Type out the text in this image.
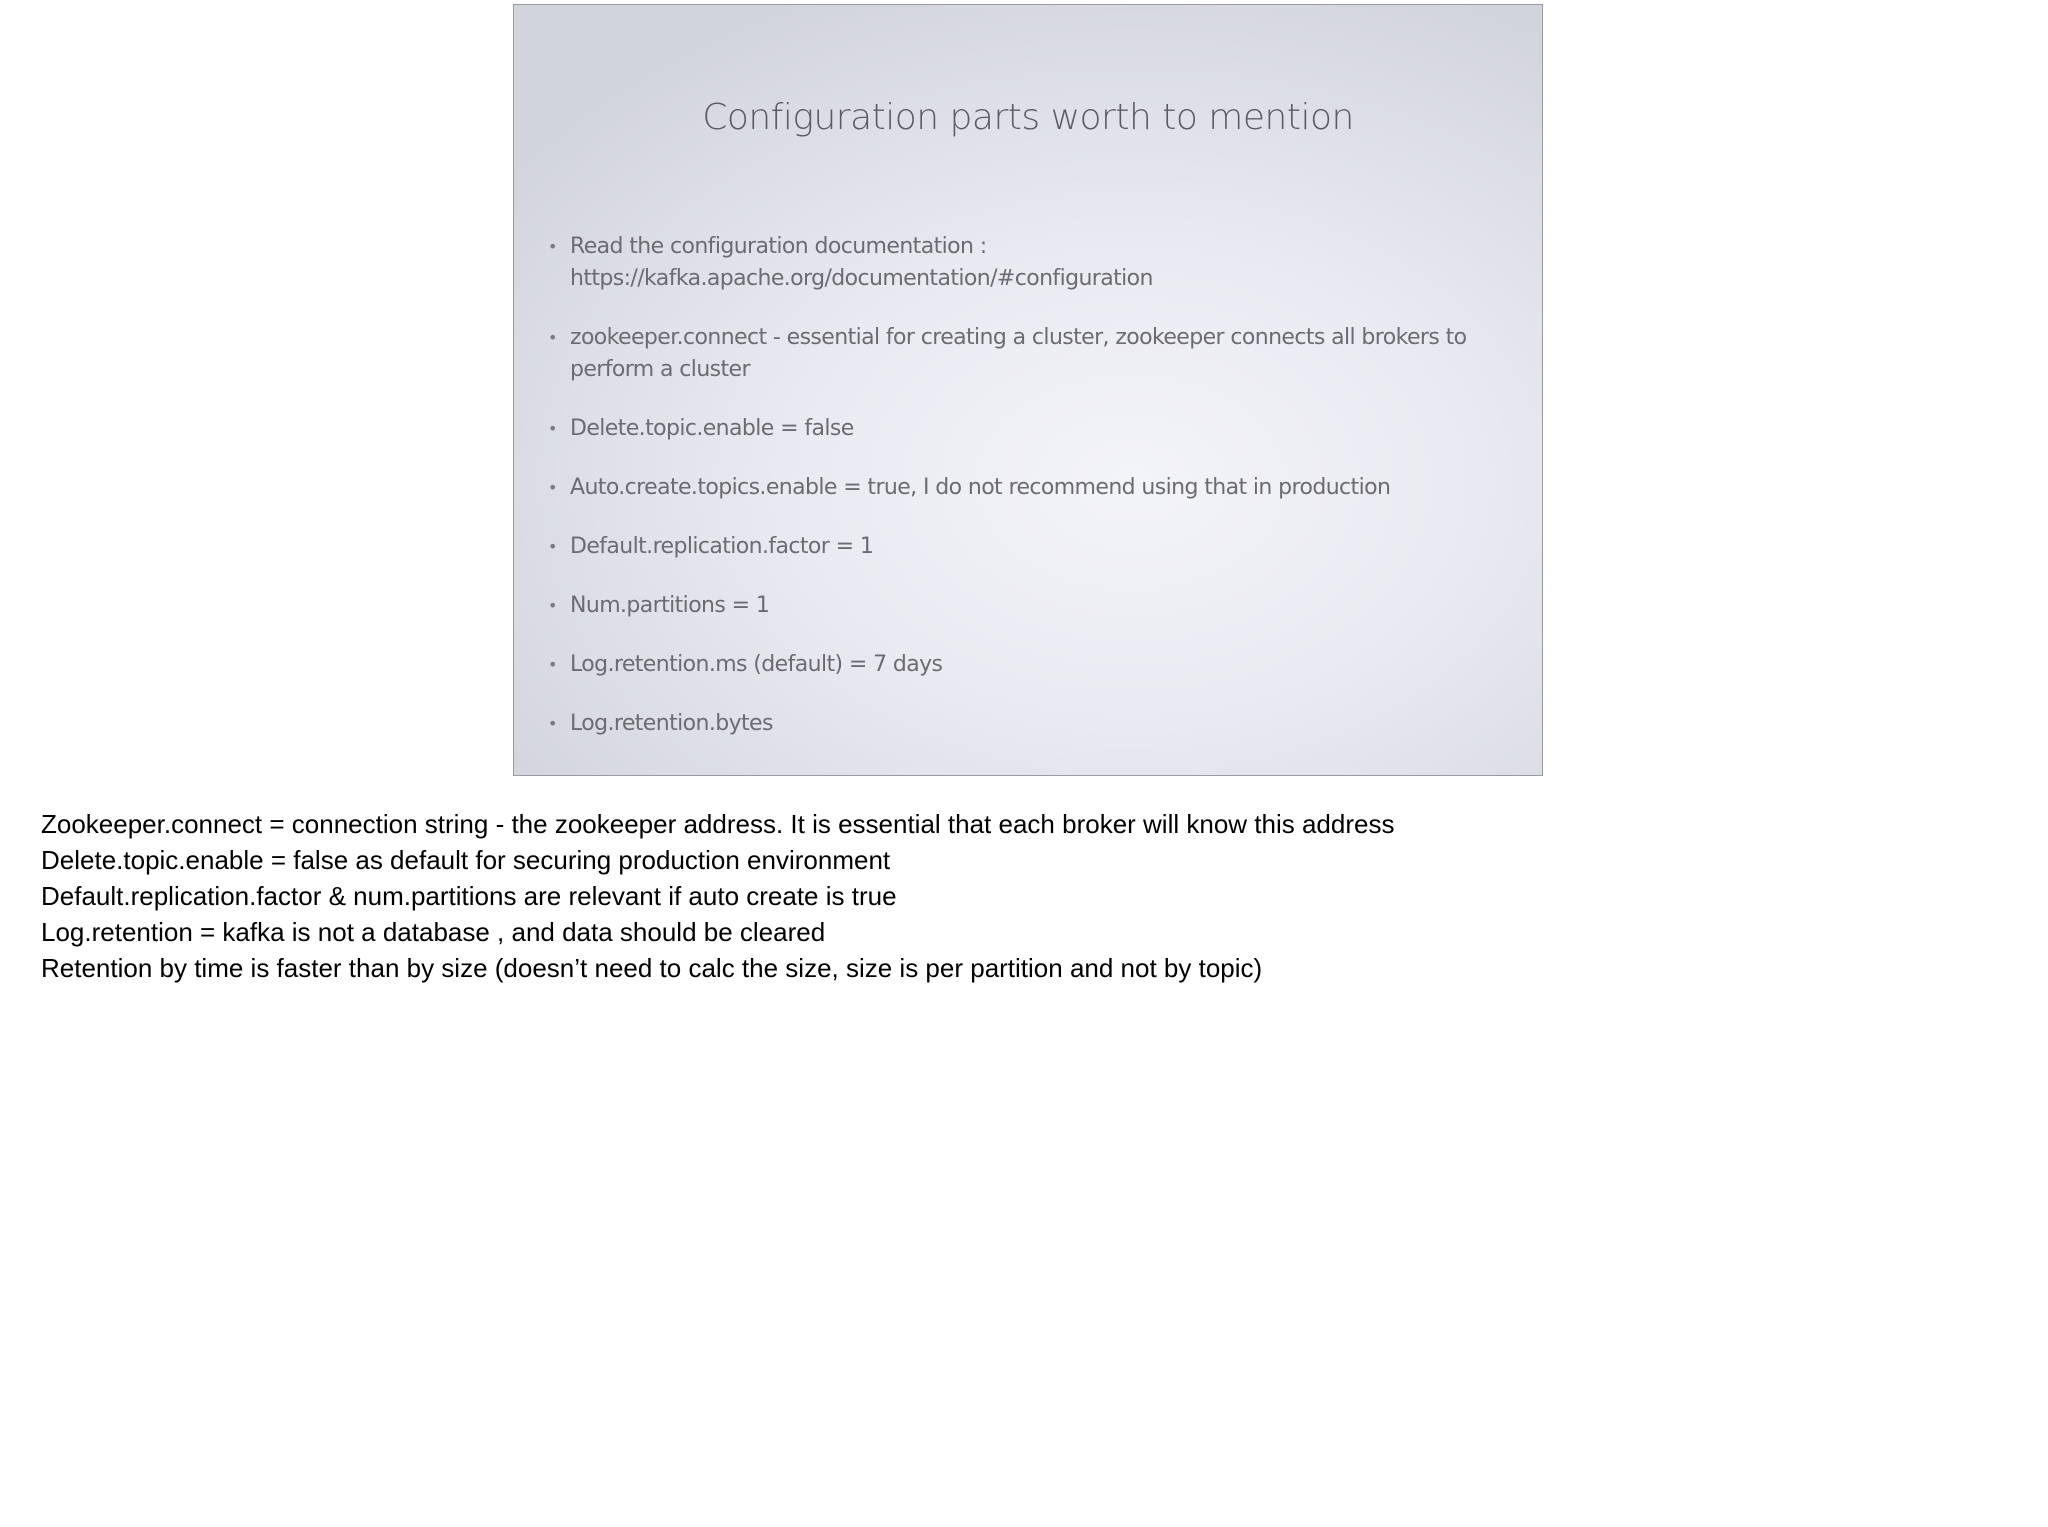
Configuration parts worth to mention
• Read the configuration documentation : https://kafka.apache.org/documentation/#configuration
• zookeeper.connect - essential for creating a cluster, zookeeper connects all brokers to perform a cluster
• Delete.topic.enable = false
• Auto.create.topics.enable = true, I do not recommend using that in production
• Default.replication.factor = 1
• Num.partitions = 1
• Log.retention.ms (default) = 7 days
• Log.retention.bytes
Zookeeper.connect = connection string - the zookeeper address. It is essential that each broker will know this address
Delete.topic.enable = false as default for securing production environment
Default.replication.factor & num.partitions are relevant if auto create is true
Log.retention = kafka is not a database , and data should be cleared
Retention by time is faster than by size (doesn’t need to calc the size, size is per partition and not by topic)
